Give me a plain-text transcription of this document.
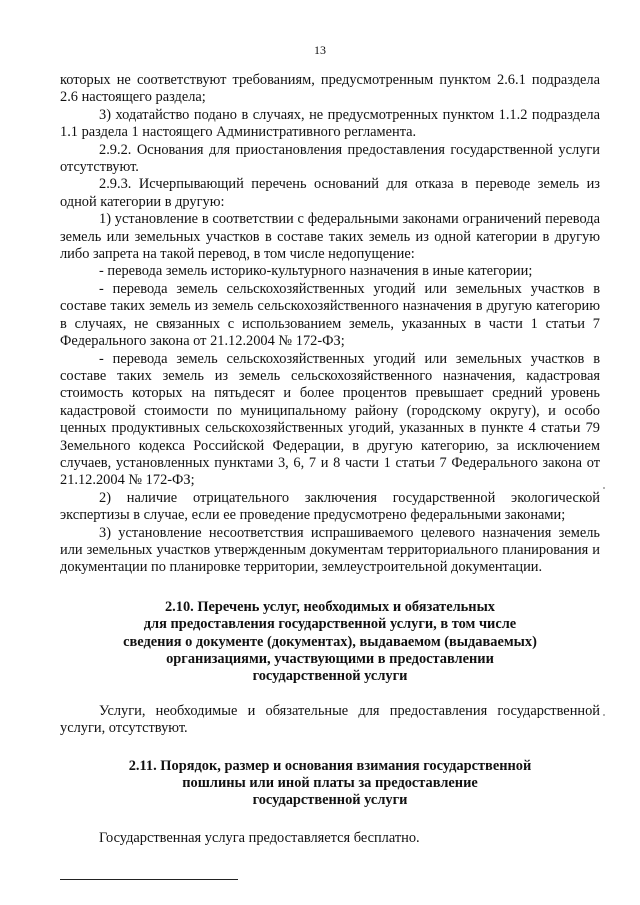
13

которых не соответствуют требованиям, предусмотренным пунктом 2.6.1 подраздела 2.6 настоящего раздела;

3) ходатайство подано в случаях, не предусмотренных пунктом 1.1.2 подраздела 1.1 раздела 1 настоящего Административного регламента.

2.9.2. Основания для приостановления предоставления государственной услуги отсутствуют.

2.9.3. Исчерпывающий перечень оснований для отказа в переводе земель из одной категории в другую:

1) установление в соответствии с федеральными законами ограничений перевода земель или земельных участков в составе таких земель из одной категории в другую либо запрета на такой перевод, в том числе недопущение:

- перевода земель историко-культурного назначения в иные категории;

- перевода земель сельскохозяйственных угодий или земельных участков в составе таких земель из земель сельскохозяйственного назначения в другую категорию в случаях, не связанных с использованием земель, указанных в части 1 статьи 7 Федерального закона от 21.12.2004 № 172-ФЗ;

- перевода земель сельскохозяйственных угодий или земельных участков в составе таких земель из земель сельскохозяйственного назначения, кадастровая стоимость которых на пятьдесят и более процентов превышает средний уровень кадастровой стоимости по муниципальному району (городскому округу), и особо ценных продуктивных сельскохозяйственных угодий, указанных в пункте 4 статьи 79 Земельного кодекса Российской Федерации, в другую категорию, за исключением случаев, установленных пунктами 3, 6, 7 и 8 части 1 статьи 7 Федерального закона от 21.12.2004 № 172-ФЗ;

2) наличие отрицательного заключения государственной экологической экспертизы в случае, если ее проведение предусмотрено федеральными законами;

3) установление несоответствия испрашиваемого целевого назначения земель или земельных участков утвержденным документам территориального планирования и документации по планировке территории, землеустроительной документации.

2.10. Перечень услуг, необходимых и обязательных

для предоставления государственной услуги, в том числе

сведения о документе (документах), выдаваемом (выдаваемых)

организациями, участвующими в предоставлении

государственной услуги

Услуги, необходимые и обязательные для предоставления государственной услуги, отсутствуют.

2.11. Порядок, размер и основания взимания государственной

пошлины или иной платы за предоставление

государственной услуги

Государственная услуга предоставляется бесплатно.
